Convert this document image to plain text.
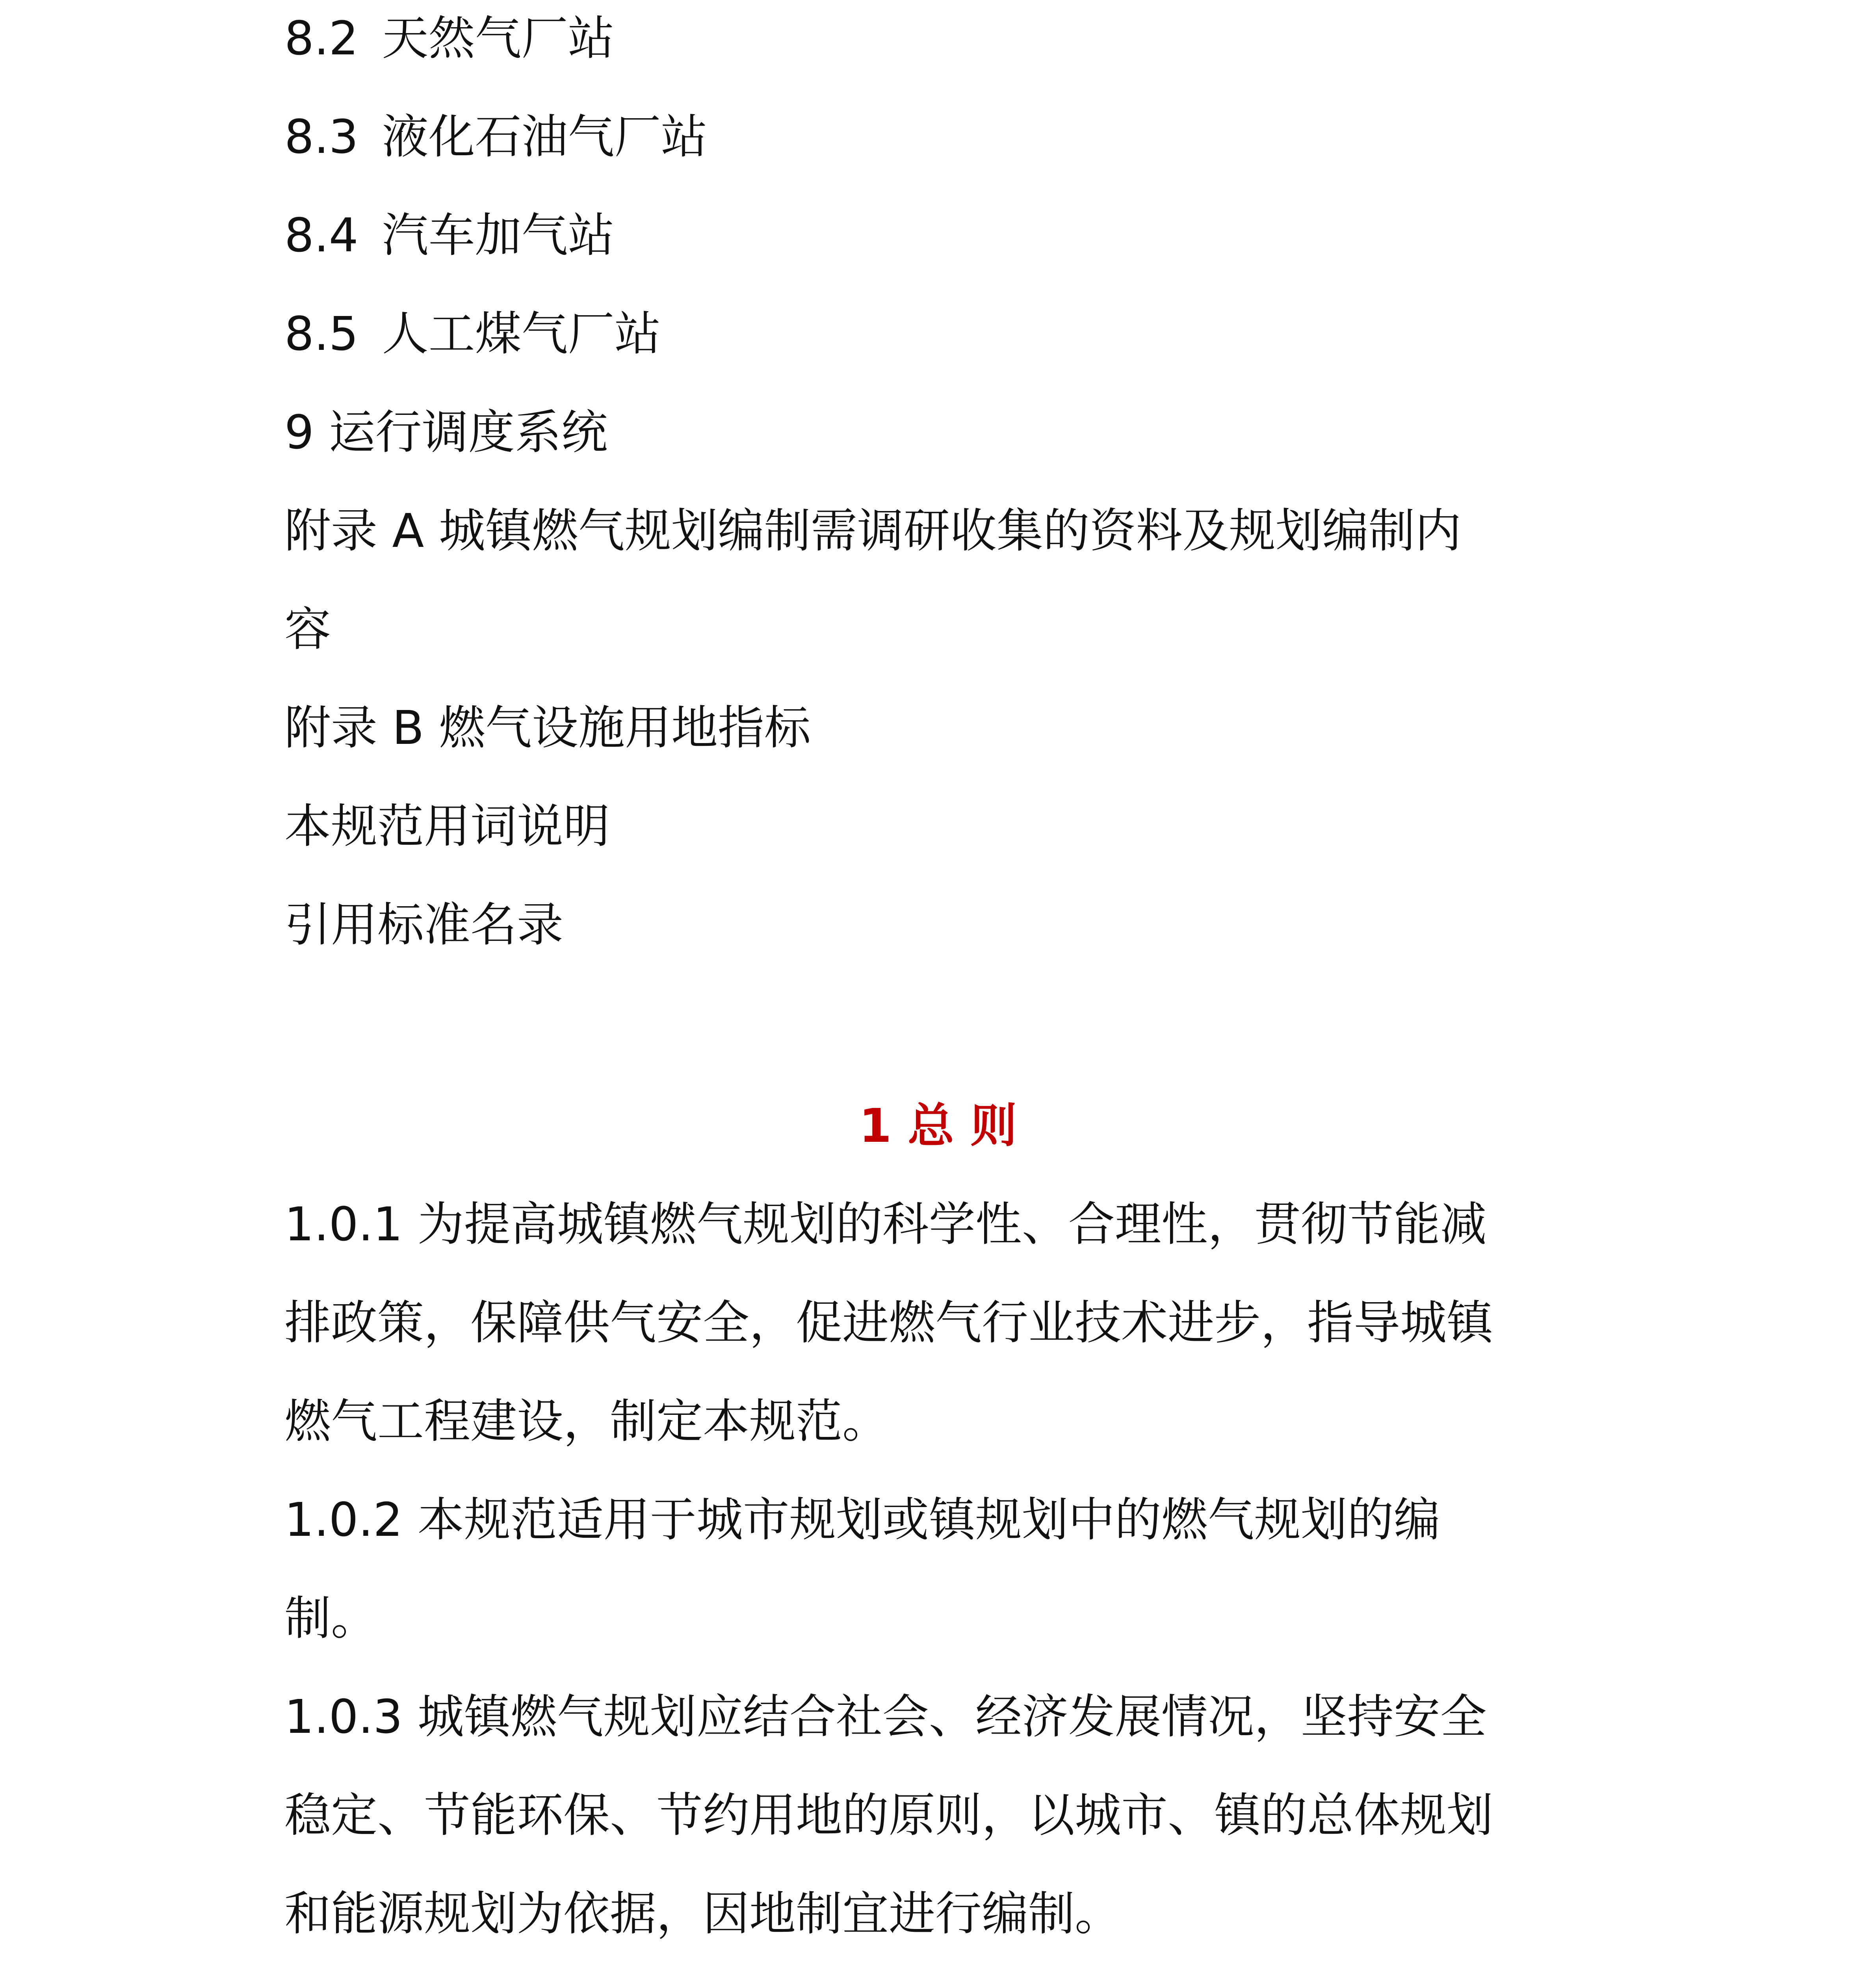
8.2 天然气厂站

8.3 液化石油气厂站

8.4 汽车加气站

8.5 人工煤气厂站

9 运行调度系统

附录 A 城镇燃气规划编制需调研收集的资料及规划编制内

容

附录 B 燃气设施用地指标

本规范用词说明

引用标准名录

1 总 则

1.0.1 为提高城镇燃气规划的科学性、合理性，贯彻节能减

排政策，保障供气安全，促进燃气行业技术进步，指导城镇

燃气工程建设，制定本规范。

1.0.2 本规范适用于城市规划或镇规划中的燃气规划的编

制。

1.0.3 城镇燃气规划应结合社会、经济发展情况，坚持安全

稳定、节能环保、节约用地的原则，以城市、镇的总体规划

和能源规划为依据，因地制宜进行编制。
